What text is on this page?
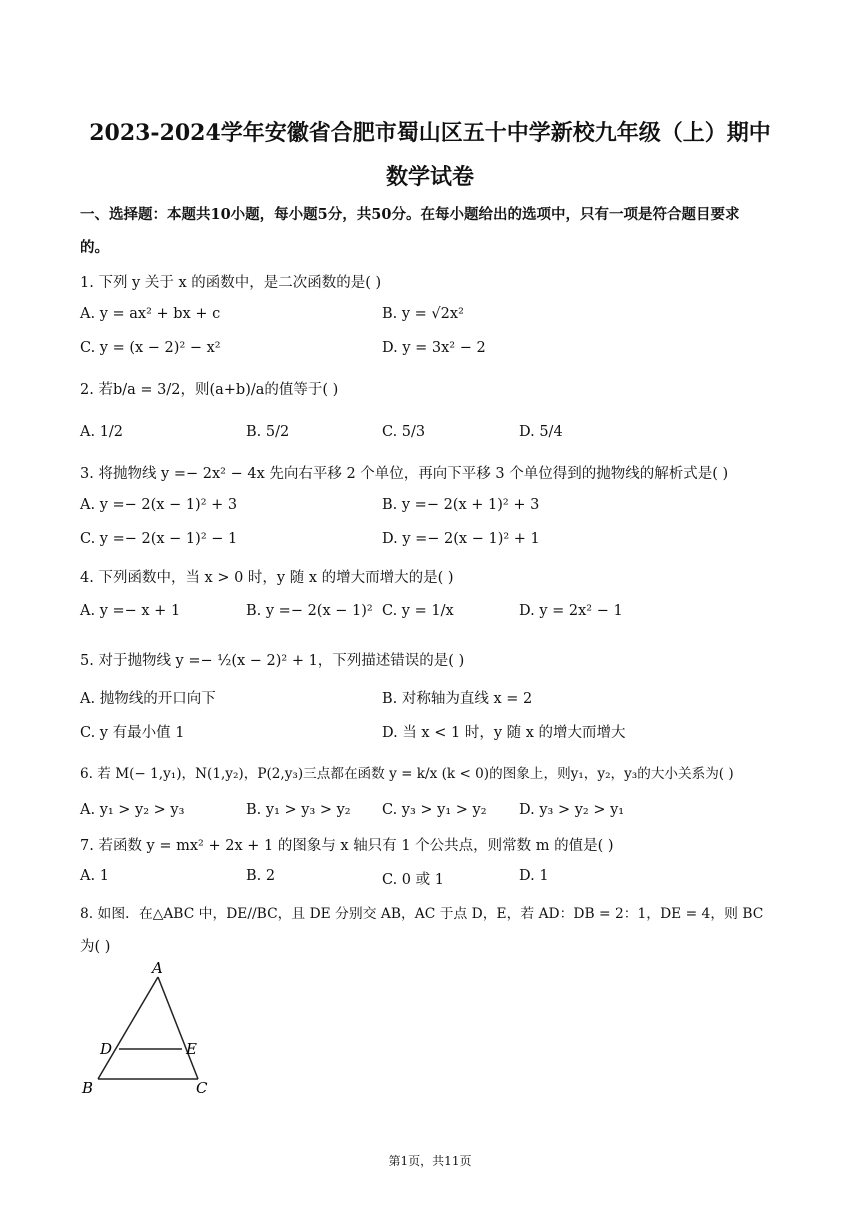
2023-2024学年安徽省合肥市蜀山区五十中学新校九年级（上）期中
数学试卷
一、选择题：本题共10小题，每小题5分，共50分。在每小题给出的选项中，只有一项是符合题目要求
的。
1. 下列 y 关于 x 的函数中，是二次函数的是( )
A. y = ax² + bx + c	B. y = √2x²
C. y = (x − 2)² − x²	D. y = 3x² − 2
2. 若b/a = 3/2，则(a+b)/a的值等于( )
A. 1/2	B. 5/2	C. 5/3	D. 5/4
3. 将抛物线 y =− 2x² − 4x 先向右平移 2 个单位，再向下平移 3 个单位得到的抛物线的解析式是( )
A. y =− 2(x − 1)² + 3	B. y =− 2(x + 1)² + 3
C. y =− 2(x − 1)² − 1	D. y =− 2(x − 1)² + 1
4. 下列函数中，当 x > 0 时，y 随 x 的增大而增大的是( )
A. y =− x + 1	B. y =− 2(x − 1)² C. y = 1/x	D. y = 2x² − 1
5. 对于抛物线 y =− ½(x − 2)² + 1，下列描述错误的是( )
A. 抛物线的开口向下	B. 对称轴为直线 x = 2
C. y 有最小值 1	D. 当 x < 1 时，y 随 x 的增大而增大
6. 若 M(− 1,y₁)，N(1,y₂)，P(2,y₃)三点都在函数 y = k/x (k < 0)的图象上，则y₁，y₂，y₃的大小关系为( )
A. y₁ > y₂ > y₃	B. y₁ > y₃ > y₂ C. y₃ > y₁ > y₂ D. y₃ > y₂ > y₁
7. 若函数 y = mx² + 2x + 1 的图象与 x 轴只有 1 个公共点，则常数 m 的值是( )
A. 1	B. 2	C. 0 或 1	D. 1
8. 如图．在△ABC 中，DE//BC，且 DE 分别交 AB，AC 于点 D，E，若 AD：DB = 2：1，DE = 4，则 BC
为( )
A
B	C
D	E
第1页，共11页
